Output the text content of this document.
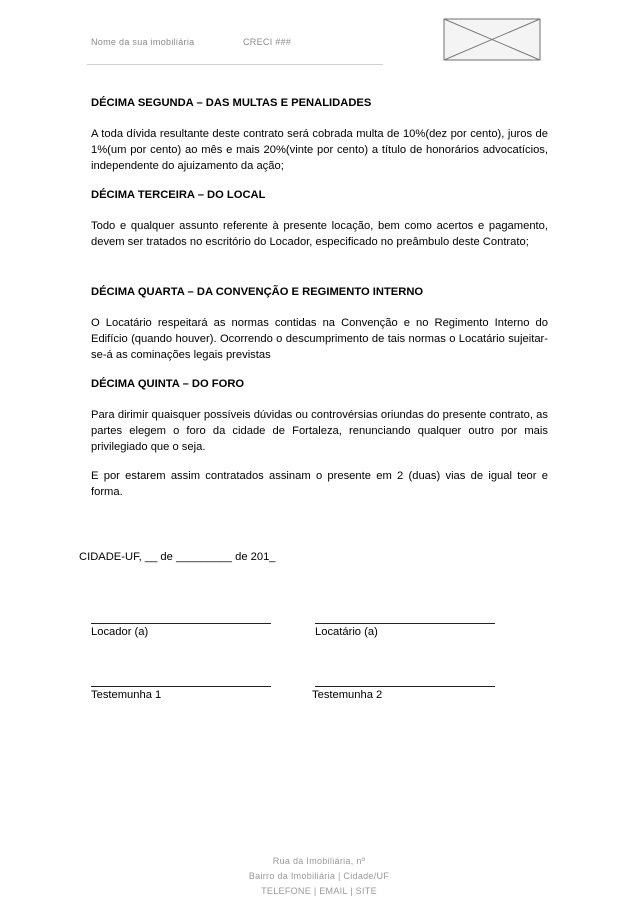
Nome da sua imobiliária	CRECI ###
DÉCIMA SEGUNDA – DAS MULTAS E PENALIDADES
A toda dívida resultante deste contrato será cobrada multa de 10%(dez por cento), juros de 1%(um por cento) ao mês e mais 20%(vinte por cento) a título de honorários advocatícios, independente do ajuizamento da ação;
DÉCIMA TERCEIRA – DO LOCAL
Todo e qualquer assunto referente à presente locação, bem como acertos e pagamento, devem ser tratados no escritório do Locador, especificado no preâmbulo deste Contrato;
DÉCIMA QUARTA – DA CONVENÇÃO E REGIMENTO INTERNO
O Locatário respeitará as normas contidas na Convenção e no Regimento Interno do Edifício (quando houver). Ocorrendo o descumprimento de tais normas o Locatário sujeitar-se-á as cominações legais previstas
DÉCIMA QUINTA – DO FORO
Para dirimir quaisquer possíveis dúvidas ou controvérsias oriundas do presente contrato, as partes elegem o foro da cidade de Fortaleza, renunciando qualquer outro por mais privilegiado que o seja.
E por estarem assim contratados assinam o presente em 2 (duas) vias de igual teor e forma.
CIDADE-UF, __ de _________ de 201_
Locador (a)	Locatário (a)
Testemunha 1	Testemunha 2
Rua da Imobiliária, nº
Bairro da Imobiliária | Cidade/UF
TELEFONE | EMAIL | SITE
